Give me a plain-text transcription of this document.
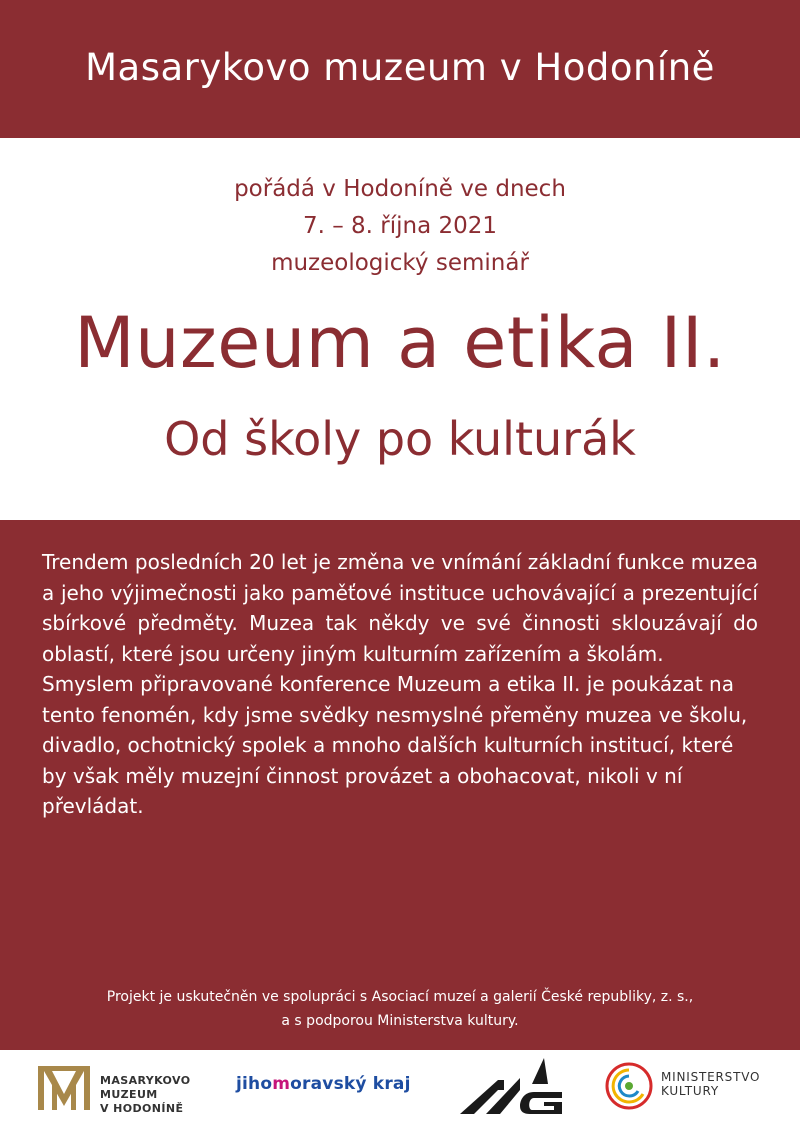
Masarykovo muzeum v Hodoníně
pořádá v Hodoníně ve dnech
7. – 8. října 2021
muzeologický seminář
Muzeum a etika II.
Od školy po kulturák

Trendem posledních 20 let je změna ve vnímání základní funkce muzea a jeho výjimečnosti jako paměťové instituce uchovávající a prezentující sbírkové předměty. Muzea tak někdy ve své činnosti sklouzávají do oblastí, které jsou určeny jiným kulturním zařízením a školám.

Smyslem připravované konference Muzeum a etika II. je poukázat na tento fenomén, kdy jsme svědky nesmyslné přeměny muzea ve školu, divadlo, ochotnický spolek a mnoho dalších kulturních institucí, které by však měly muzejní činnost provázet a obohacovat, nikoli v ní převládat.

Projekt je uskutečněn ve spolupráci s Asociací muzeí a galerií České republiky, z. s.,
a s podporou Ministerstva kultury.
MASARYKOVO
MUZEUM
V HODONÍNĚ
jihomoravský kraj	MINISTERSTVO
KULTURY
